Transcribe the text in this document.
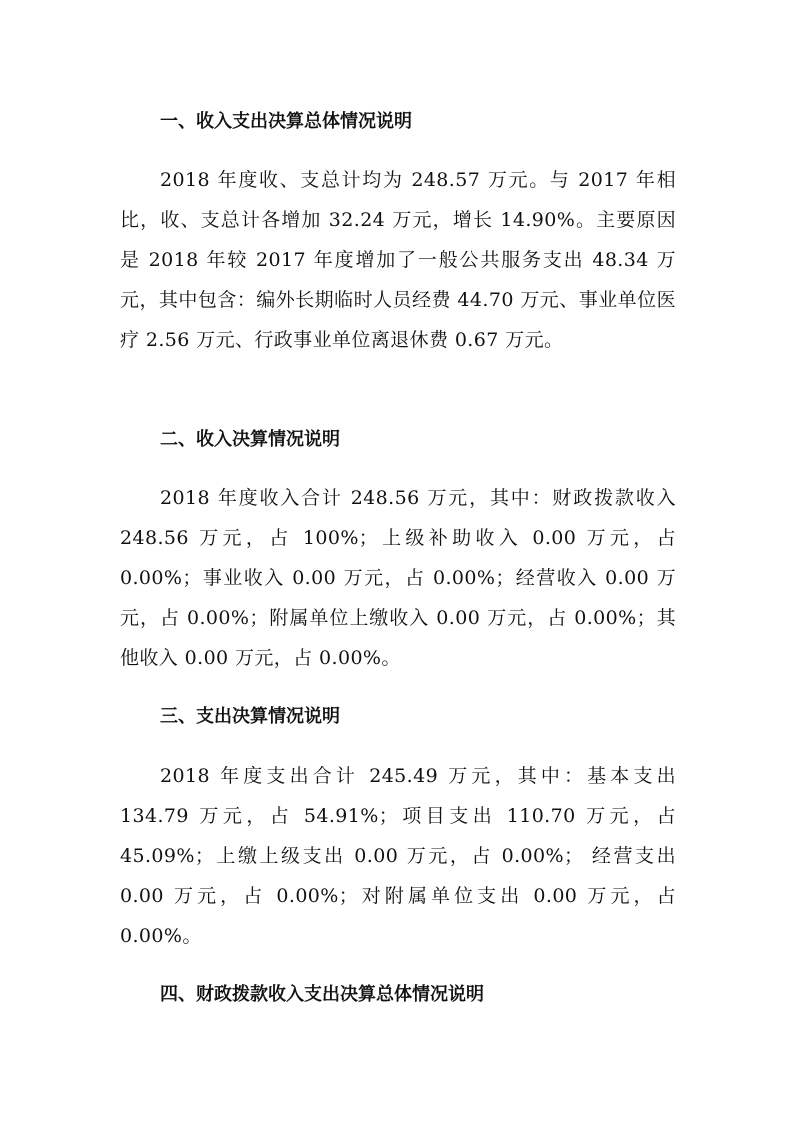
一、收入支出决算总体情况说明
2018 年度收、支总计均为 248.57 万元。与 2017 年相比，收、支总计各增加 32.24 万元，增长 14.90%。主要原因是 2018 年较 2017 年度增加了一般公共服务支出 48.34 万元，其中包含：编外长期临时人员经费 44.70 万元、事业单位医疗 2.56 万元、行政事业单位离退休费 0.67 万元。
二、收入决算情况说明
2018 年度收入合计 248.56 万元，其中：财政拨款收入 248.56 万元，占 100%；上级补助收入 0.00 万元，占 0.00%；事业收入 0.00 万元，占 0.00%；经营收入 0.00 万元，占 0.00%；附属单位上缴收入 0.00 万元，占 0.00%；其他收入 0.00 万元，占 0.00%。
三、支出决算情况说明
2018 年度支出合计 245.49 万元，其中：基本支出 134.79 万元，占 54.91%；项目支出 110.70 万元，占 45.09%；上缴上级支出 0.00 万元，占 0.00%； 经营支出 0.00 万元，占 0.00%；对附属单位支出 0.00 万元，占 0.00%。
四、财政拨款收入支出决算总体情况说明
